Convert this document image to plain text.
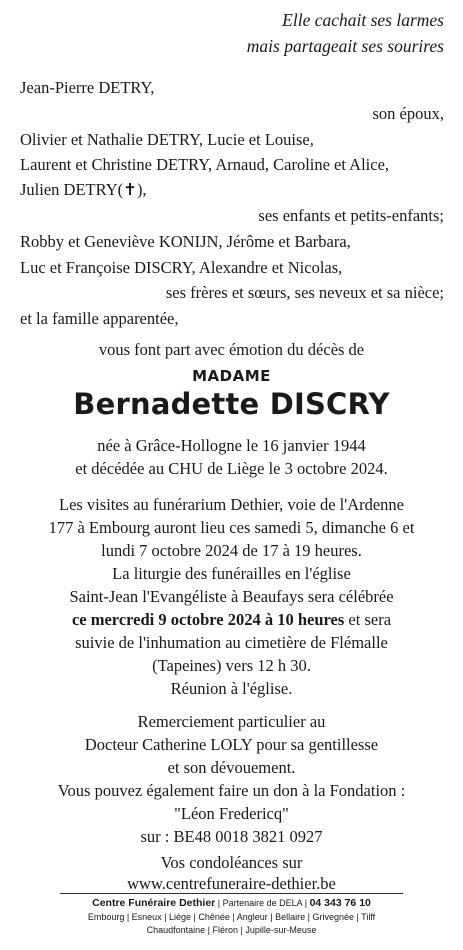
Elle cachait ses larmes
mais partageait ses sourires
Jean-Pierre DETRY,
son époux,
Olivier et Nathalie DETRY, Lucie et Louise,
Laurent et Christine DETRY, Arnaud, Caroline et Alice,
Julien DETRY(✝),
ses enfants et petits-enfants;
Robby et Geneviève KONIJN, Jérôme et Barbara,
Luc et Françoise DISCRY, Alexandre et Nicolas,
ses frères et sœurs, ses neveux et sa nièce;
et la famille apparentée,
vous font part avec émotion du décès de
MADAME
Bernadette DISCRY
née à Grâce-Hollogne le 16 janvier 1944
et décédée au CHU de Liège le 3 octobre 2024.
Les visites au funérarium Dethier, voie de l'Ardenne
177 à Embourg auront lieu ces samedi 5, dimanche 6 et
lundi 7 octobre 2024 de 17 à 19 heures.
La liturgie des funérailles en l'église
Saint-Jean l'Evangéliste à Beaufays sera célébrée
ce mercredi 9 octobre 2024 à 10 heures et sera
suivie de l'inhumation au cimetière de Flémalle
(Tapeines) vers 12 h 30.
Réunion à l'église.
Remerciement particulier au
Docteur Catherine LOLY pour sa gentillesse
et son dévouement.
Vous pouvez également faire un don à la Fondation :
"Léon Fredericq"
sur : BE48 0018 3821 0927
Vos condoléances sur
www.centrefuneraire-dethier.be
Centre Funéraire Dethier | Partenaire de DELA | 04 343 76 10
Embourg | Esneux | Liège | Chênée | Angleur | Bellaire | Grivegnée | Tilff
Chaudfontaine | Fléron | Jupille-sur-Meuse
